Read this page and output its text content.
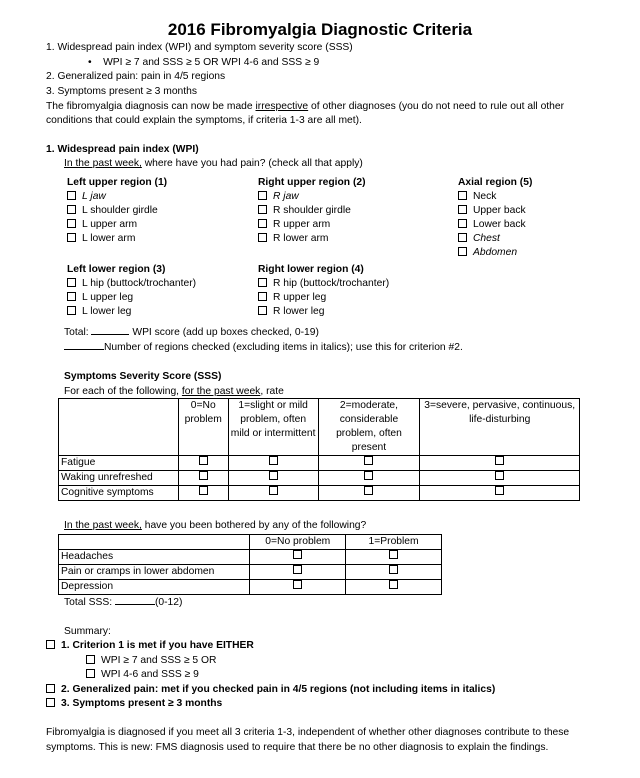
2016 Fibromyalgia Diagnostic Criteria
1. Widespread pain index (WPI) and symptom severity score (SSS)
• WPI ≥ 7 and SSS ≥ 5 OR WPI 4-6 and SSS ≥ 9
2. Generalized pain: pain in 4/5 regions
3. Symptoms present ≥ 3 months
The fibromyalgia diagnosis can now be made irrespective of other diagnoses (you do not need to rule out all other
conditions that could explain the symptoms, if criteria 1-3 are all met).
1. Widespread pain index (WPI)
In the past week, where have you had pain? (check all that apply)
Left upper region (1)
L jaw
L shoulder girdle
L upper arm
L lower arm
Right upper region (2)
R jaw
R shoulder girdle
R upper arm
R lower arm
Axial region (5)
Neck
Upper back
Lower back
Chest
Abdomen
Left lower region (3)
L hip (buttock/trochanter)
L upper leg
L lower leg
Right lower region (4)
R hip (buttock/trochanter)
R upper leg
R lower leg
Total:	WPI score (add up boxes checked, 0-19)
Number of regions checked (excluding items in italics); use this for criterion #2.
Symptoms Severity Score (SSS)
For each of the following, for the past week, rate
	0=No problem	1=slight or mild problem, often mild or intermittent	2=moderate, considerable problem, often present	3=severe, pervasive, continuous, life-disturbing
Fatigue				
Waking unrefreshed				
Cognitive symptoms				
In the past week, have you been bothered by any of the following?
	0=No problem	1=Problem
Headaches		
Pain or cramps in lower abdomen		
Depression		
Total SSS:	(0-12)
Summary:
1. Criterion 1 is met if you have EITHER
WPI ≥ 7 and SSS ≥ 5 OR
WPI 4-6 and SSS ≥ 9
2. Generalized pain: met if you checked pain in 4/5 regions (not including items in italics)
3. Symptoms present ≥ 3 months
Fibromyalgia is diagnosed if you meet all 3 criteria 1-3, independent of whether other diagnoses contribute to these
symptoms. This is new: FMS diagnosis used to require that there be no other diagnosis to explain the findings.
